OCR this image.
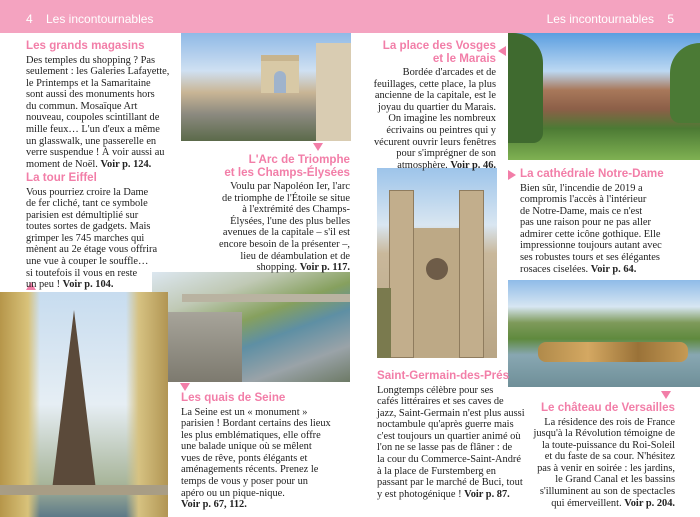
4 Les incontournables	Les incontournables 5
Les grands magasins

Des temples du shopping ? Pas
seulement : les Galeries Lafayette,
le Printemps et la Samaritaine
sont aussi des monuments hors
du commun. Mosaïque Art
nouveau, coupoles scintillant de
mille feux… L'un d'eux a même
un glasswalk, une passerelle en
verre suspendue ! À voir aussi au
moment de Noël. Voir p. 124.

La tour Eiffel

Vous pourriez croire la Dame
de fer cliché, tant ce symbole
parisien est démultiplié sur
toutes sortes de gadgets. Mais
grimper les 745 marches qui
mènent au 2e étage vous offrira
une vue à couper le souffle…
si toutefois il vous en reste
un peu ! Voir p. 104.

L'Arc de Triomphe
et les Champs-Élysées

Voulu par Napoléon Ier, l'arc
de triomphe de l'Étoile se situe
à l'extrémité des Champs-
Élysées, l'une des plus belles
avenues de la capitale – s'il est
encore besoin de la présenter –,
lieu de déambulation et de
shopping. Voir p. 117.

Les quais de Seine

La Seine est un « monument »
parisien ! Bordant certains des lieux
les plus emblématiques, elle offre
une balade unique où se mêlent
vues de rêve, ponts élégants et
aménagements récents. Prenez le
temps de vous y poser pour un
apéro ou un pique-nique.
Voir p. 67, 112.

La place des Vosges
et le Marais

Bordée d'arcades et de
feuillages, cette place, la plus
ancienne de la capitale, est le
joyau du quartier du Marais.
On imagine les nombreux
écrivains ou peintres qui y
vécurent ouvrir leurs fenêtres
pour s'imprégner de son
atmosphère. Voir p. 46.

La cathédrale Notre-Dame

Bien sûr, l'incendie de 2019 a
compromis l'accès à l'intérieur
de Notre-Dame, mais ce n'est
pas une raison pour ne pas aller
admirer cette icône gothique. Elle
impressionne toujours autant avec
ses robustes tours et ses élégantes
rosaces ciselées. Voir p. 64.

Saint-Germain-des-Prés

Longtemps célèbre pour ses
cafés littéraires et ses caves de
jazz, Saint-Germain n'est plus aussi
noctambule qu'après guerre mais
c'est toujours un quartier animé où
l'on ne se lasse pas de flâner : de
la cour du Commerce-Saint-André
à la place de Furstemberg en
passant par le marché de Buci, tout
y est photogénique ! Voir p. 87.

Le château de Versailles

La résidence des rois de France
jusqu'à la Révolution témoigne de
la toute-puissance du Roi-Soleil
et du faste de sa cour. N'hésitez
pas à venir en soirée : les jardins,
le Grand Canal et les bassins
s'illuminent au son de spectacles
qui émerveillent. Voir p. 204.
